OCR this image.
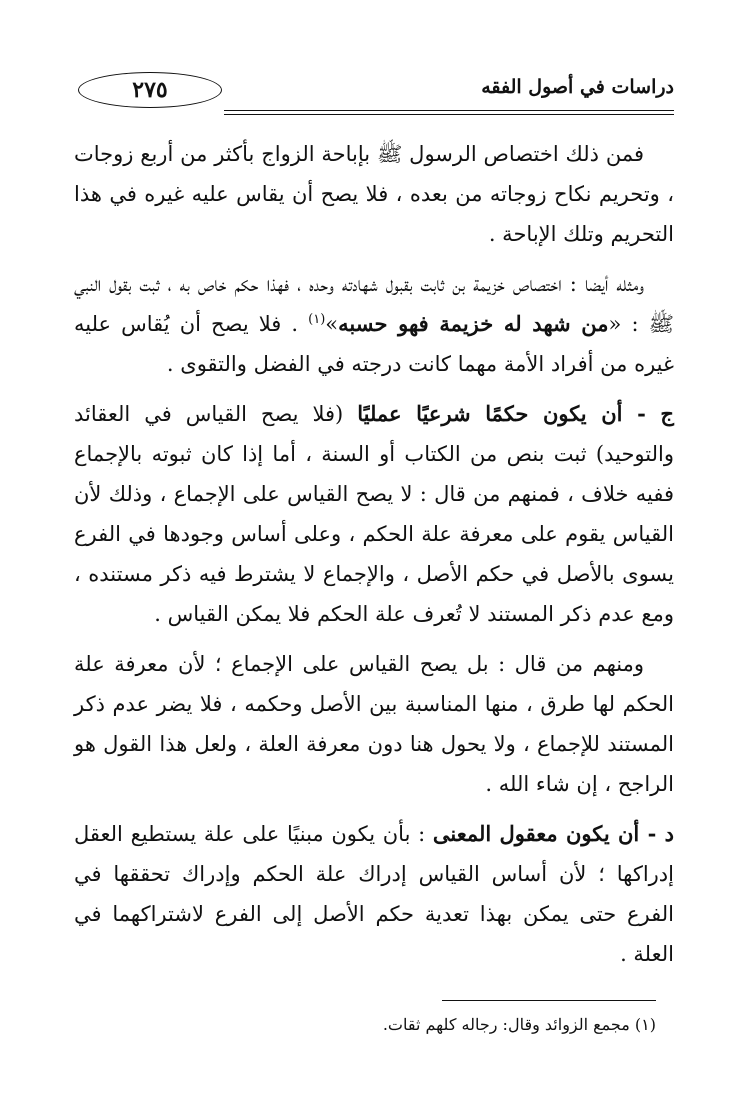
٢٧٥	دراسات في أصول الفقه

فمن ذلك اختصاص الرسول ﷺ بإباحة الزواج بأكثر من أربع زوجات ، وتحريم نكاح زوجاته من بعده ، فلا يصح أن يقاس عليه غيره في هذا التحريم وتلك الإباحة .

ومثله أيضا : اختصاص خزيمة بن ثابت بقبول شهادته وحده ، فهذا حكم خاص به ، ثبت بقول النبي ﷺ : «من شهد له خزيمة فهو حسبه»$^{(١)}$ . فلا يصح أن يُقاس عليه غيره من أفراد الأمة مهما كانت درجته في الفضل والتقوى .

ج - أن يكون حكمًا شرعيًا عمليًا (فلا يصح القياس في العقائد والتوحيد) ثبت بنص من الكتاب أو السنة ، أما إذا كان ثبوته بالإجماع ففيه خلاف ، فمنهم من قال : لا يصح القياس على الإجماع ، وذلك لأن القياس يقوم على معرفة علة الحكم ، وعلى أساس وجودها في الفرع يسوى بالأصل في حكم الأصل ، والإجماع لا يشترط فيه ذكر مستنده ، ومع عدم ذكر المستند لا تُعرف علة الحكم فلا يمكن القياس .

ومنهم من قال : بل يصح القياس على الإجماع ؛ لأن معرفة علة الحكم لها طرق ، منها المناسبة بين الأصل وحكمه ، فلا يضر عدم ذكر المستند للإجماع ، ولا يحول هنا دون معرفة العلة ، ولعل هذا القول هو الراجح ، إن شاء الله .

د - أن يكون معقول المعنى : بأن يكون مبنيًا على علة يستطيع العقل إدراكها ؛ لأن أساس القياس إدراك علة الحكم وإدراك تحققها في الفرع حتى يمكن بهذا تعدية حكم الأصل إلى الفرع لاشتراكهما في العلة .

(١) مجمع الزوائد وقال: رجاله كلهم ثقات.
